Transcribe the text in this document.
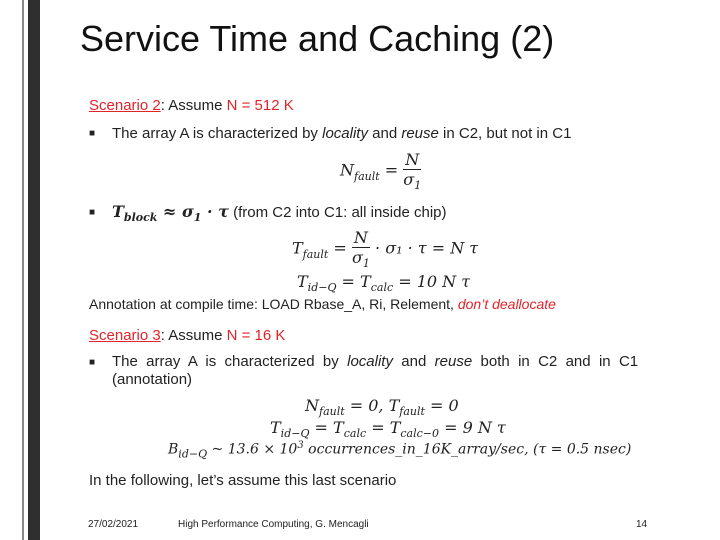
Service Time and Caching (2)
Scenario 2: Assume N = 512 K
■ The array A is characterized by locality and reuse in C2, but not in C1
$N_{fault} = \frac{N}{\sigma_1}$
■ $T_{block} \approx \sigma_1 \cdot \tau$ (from C2 into C1: all inside chip)
$T_{fault} = \frac{N}{\sigma_1} \cdot \sigma_1 \cdot \tau = N$ τ
$T_{id-Q} = T_{calc} = 10$ N τ
Annotation at compile time: LOAD Rbase_A, Ri, Relement, don’t deallocate
Scenario 3: Assume N = 16 K
■ The  array  A  is  characterized  by  locality  and  reuse  both  in  C2  and  in  C1
(annotation)
$N_{fault} = 0$, $T_{fault} = 0$
$T_{id-Q} = T_{calc} = T_{calc-0} = 9$ N τ
$B_{id-Q}$ ~ $13.6 \times 10^3$ occurrences_in_16K_array/sec, (τ = 0.5 nsec)
In the following, let’s assume this last scenario
27/02/2021	High Performance Computing, G. Mencagli	14
